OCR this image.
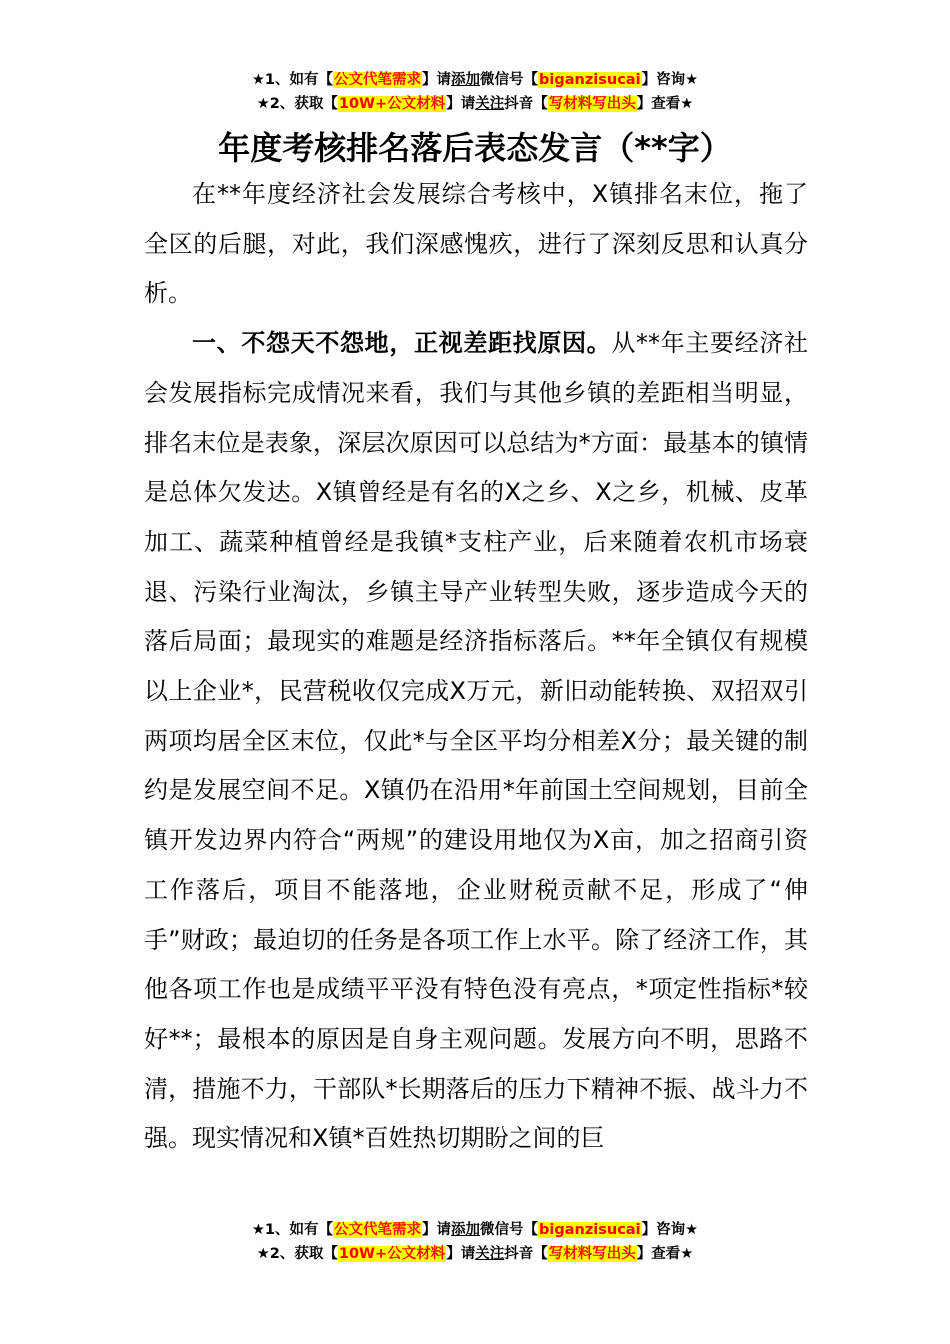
★1、如有【公文代笔需求】请添加微信号【biganzisucai】咨询★
★2、获取【10W+公文材料】请关注抖音【写材料写出头】查看★
年度考核排名落后表态发言（**字）

在**年度经济社会发展综合考核中，X镇排名末位，拖了全区的后腿，对此，我们深感愧疚，进行了深刻反思和认真分析。

一、不怨天不怨地，正视差距找原因。从**年主要经济社会发展指标完成情况来看，我们与其他乡镇的差距相当明显，排名末位是表象，深层次原因可以总结为*方面：最基本的镇情是总体欠发达。X镇曾经是有名的X之乡、X之乡，机械、皮革加工、蔬菜种植曾经是我镇*支柱产业，后来随着农机市场衰退、污染行业淘汰，乡镇主导产业转型失败，逐步造成今天的落后局面；最现实的难题是经济指标落后。**年全镇仅有规模以上企业*，民营税收仅完成X万元，新旧动能转换、双招双引两项均居全区末位，仅此*与全区平均分相差X分；最关键的制约是发展空间不足。X镇仍在沿用*年前国土空间规划，目前全镇开发边界内符合“两规”的建设用地仅为X亩，加之招商引资工作落后，项目不能落地，企业财税贡献不足，形成了“伸手”财政；最迫切的任务是各项工作上水平。除了经济工作，其他各项工作也是成绩平平没有特色没有亮点，*项定性指标*较好**；最根本的原因是自身主观问题。发展方向不明，思路不清，措施不力，干部队*长期落后的压力下精神不振、战斗力不强。现实情况和X镇*百姓热切期盼之间的巨

★1、如有【公文代笔需求】请添加微信号【biganzisucai】咨询★
★2、获取【10W+公文材料】请关注抖音【写材料写出头】查看★
